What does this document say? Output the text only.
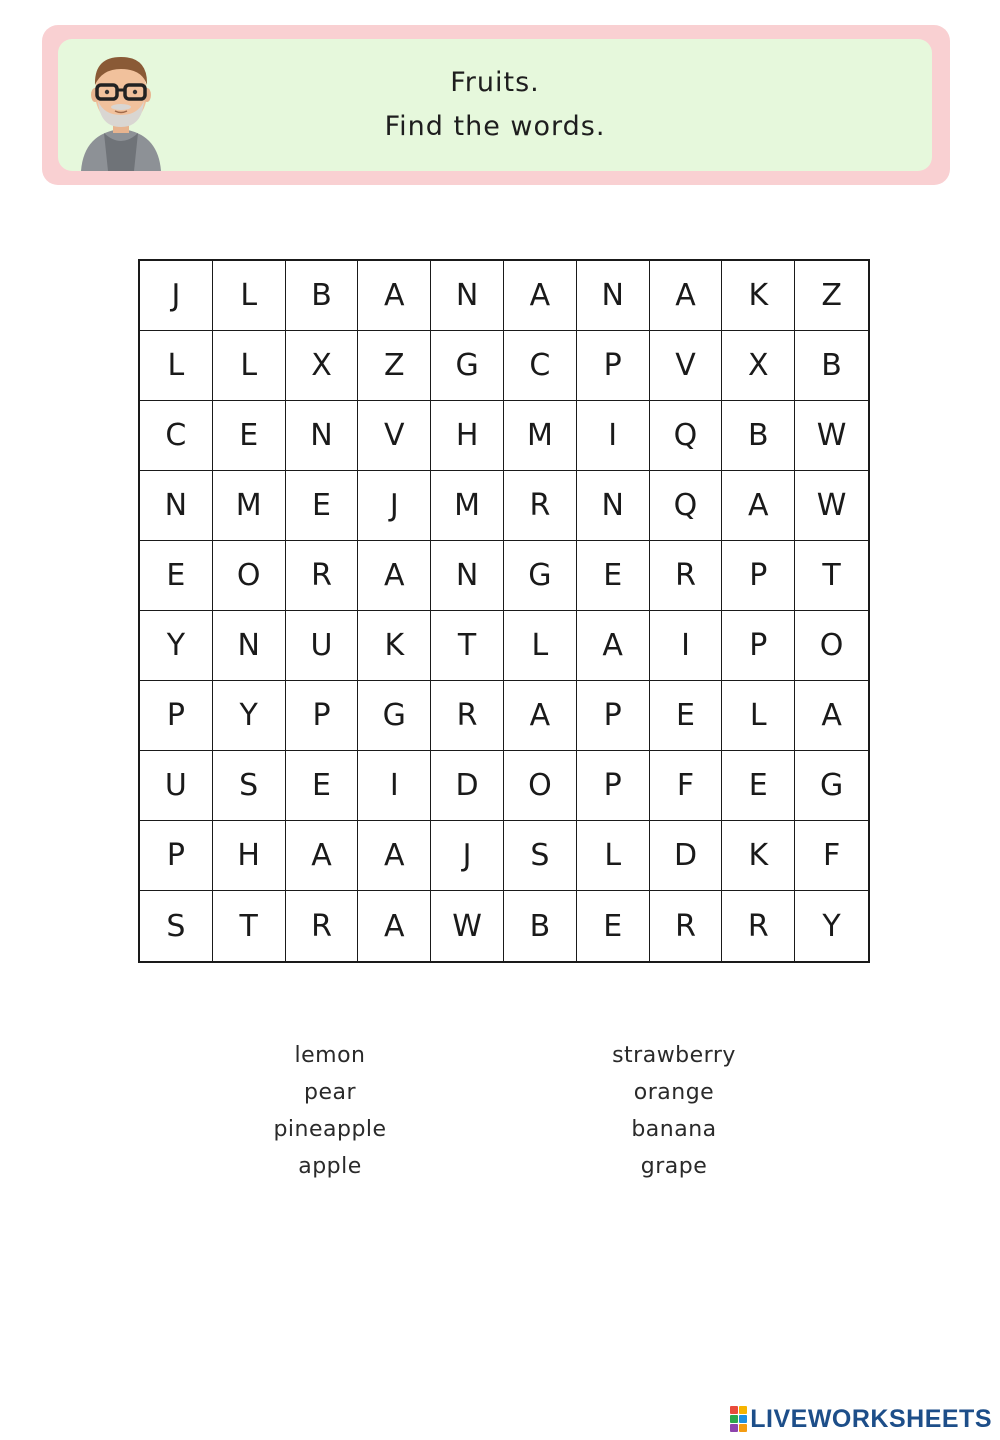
Fruits.
Find the words.
J	L	B	A	N	A	N	A	K	Z
L	L	X	Z	G	C	P	V	X	B
C	E	N	V	H	M	I	Q	B	W
N	M	E	J	M	R	N	Q	A	W
E	O	R	A	N	G	E	R	P	T
Y	N	U	K	T	L	A	I	P	O
P	Y	P	G	R	A	P	E	L	A
U	S	E	I	D	O	P	F	E	G
P	H	A	A	J	S	L	D	K	F
S	T	R	A	W	B	E	R	R	Y
lemon
pear
pineapple
apple
strawberry
orange
banana
grape
LIVEWORKSHEETS
